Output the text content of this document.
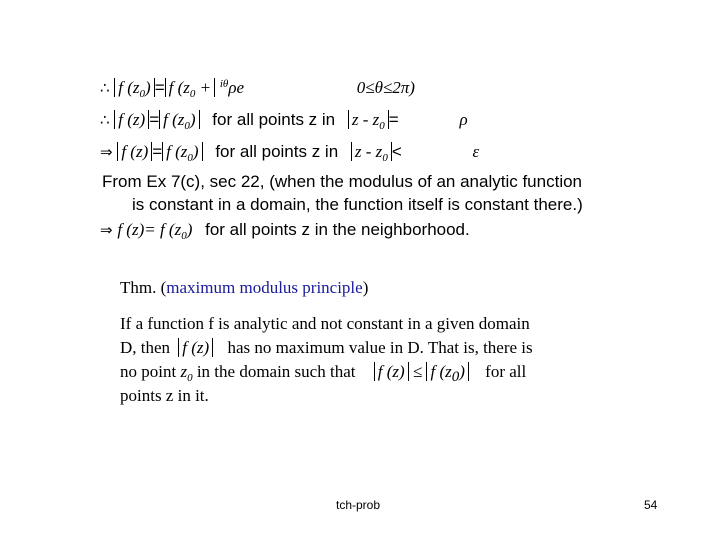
∴ f $(z_0) = f$ ($z_0 + ^{i\theta}\rho e$	0≤θ≤2π)
∴ f (z) = f $(z_0)$ for all points z in z - $z_0$ =	ρ
⇒ f (z) = f $(z_0)$ for all points z in z - $z_0$ <	ε
From Ex 7(c), sec 22, (when the modulus of an analytic function
is constant in a domain, the function itself is constant there.)
⇒ f (z)= f $(z_0)$ for all points z in the neighborhood.
Thm. (maximum modulus principle)
If a function f is analytic and not constant in a given domain
D, then f (z) has no maximum value in D. That is, there is
no point $z_0$ in the domain such that f (z) ≤ f (z0) for all
points z in it.
tch-prob	54
